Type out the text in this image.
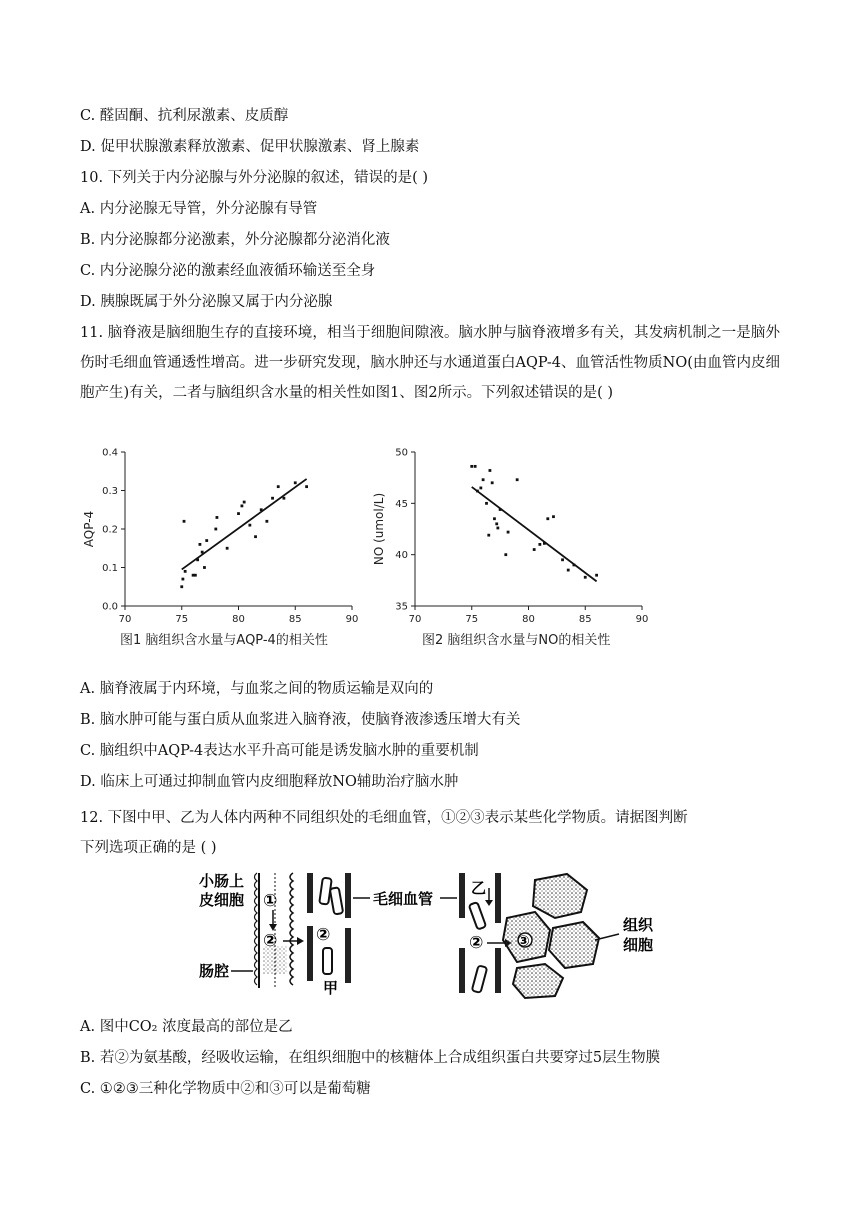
C. 醛固酮、抗利尿激素、皮质醇
D. 促甲状腺激素释放激素、促甲状腺激素、肾上腺素
10. 下列关于内分泌腺与外分泌腺的叙述，错误的是( )
A. 内分泌腺无导管，外分泌腺有导管
B. 内分泌腺都分泌激素，外分泌腺都分泌消化液
C. 内分泌腺分泌的激素经血液循环输送至全身
D. 胰腺既属于外分泌腺又属于内分泌腺
11. 脑脊液是脑细胞生存的直接环境，相当于细胞间隙液。脑水肿与脑脊液增多有关，其发病机制之一是脑外伤时毛细血管通透性增高。进一步研究发现，脑水肿还与水通道蛋白AQP-4、血管活性物质NO(由血管内皮细胞产生)有关，二者与脑组织含水量的相关性如图1、图2所示。下列叙述错误的是( )
70	75	80	85	90
0.0
0.1
0.2
0.3
0.4
AQP-4
图1 脑组织含水量与AQP-4的相关性
70	75	80	85	90
35
40
45
50
NO (umol/L)
图2 脑组织含水量与NO的相关性
A. 脑脊液属于内环境，与血浆之间的物质运输是双向的
B. 脑水肿可能与蛋白质从血浆进入脑脊液，使脑脊液渗透压增大有关
C. 脑组织中AQP-4表达水平升高可能是诱发脑水肿的重要机制
D. 临床上可通过抑制血管内皮细胞释放NO辅助治疗脑水肿
12. 下图中甲、乙为人体内两种不同组织处的毛细血管，①②③表示某些化学物质。请据图判断
下列选项正确的是 ( )
小肠上
皮细胞
肠腔
①
② ②
甲
毛细血管
乙
② ③
组织
细胞
A. 图中CO₂ 浓度最高的部位是乙
B. 若②为氨基酸，经吸收运输，在组织细胞中的核糖体上合成组织蛋白共要穿过5层生物膜
C. ①②③三种化学物质中②和③可以是葡萄糖
